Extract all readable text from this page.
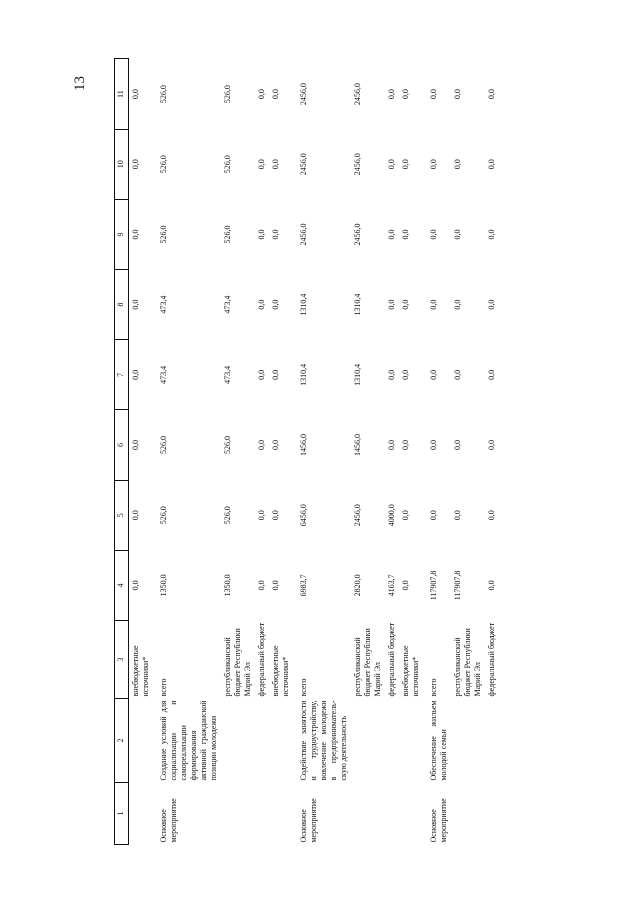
13
1	2	3	4	5	6	7	8	9	10	11
		внебюджетные источники*	0,0	0,0	0,0	0,0	0,0	0,0	0,0	0,0
Основное мероприятие	Создание условий для социализации и самореализации формирования активной гражданской позиции молодежи	всего	1350,0	526,0	526,0	473,4	473,4	526,0	526,0	526,0
		республиканский бюджет Республики Марий Эл	1350,0	526,0	526,0	473,4	473,4	526,0	526,0	526,0
		федеральный бюджет	0,0	0,0	0,0	0,0	0,0	0,0	0,0	0,0
		внебюджетные источники*	0,0	0,0	0,0	0,0	0,0	0,0	0,0	0,0
Основное мероприятие	Содействие занятости и трудоустройству, вовлечение молодежи в предприниматель-скую деятельность	всего	6983,7	6456,0	1456,0	1310,4	1310,4	2456,0	2456,0	2456,0
		республиканский бюджет Республики Марий Эл	2820,0	2456,0	1456,0	1310,4	1310,4	2456,0	2456,0	2456,0
		федеральный бюджет	4163,7	4000,0	0,0	0,0	0,0	0,0	0,0	0,0
		внебюджетные источники*	0,0	0,0	0,0	0,0	0,0	0,0	0,0	0,0
Основное мероприятие	Обеспечение жильем молодой семьи	всего	117907,8	0,0	0,0	0,0	0,0	0,0	0,0	0,0
		республиканский бюджет Республики Марий Эл	117907,8	0,0	0,0	0,0	0,0	0,0	0,0	0,0
		федеральный бюджет	0,0	0,0	0,0	0,0	0,0	0,0	0,0	0,0
